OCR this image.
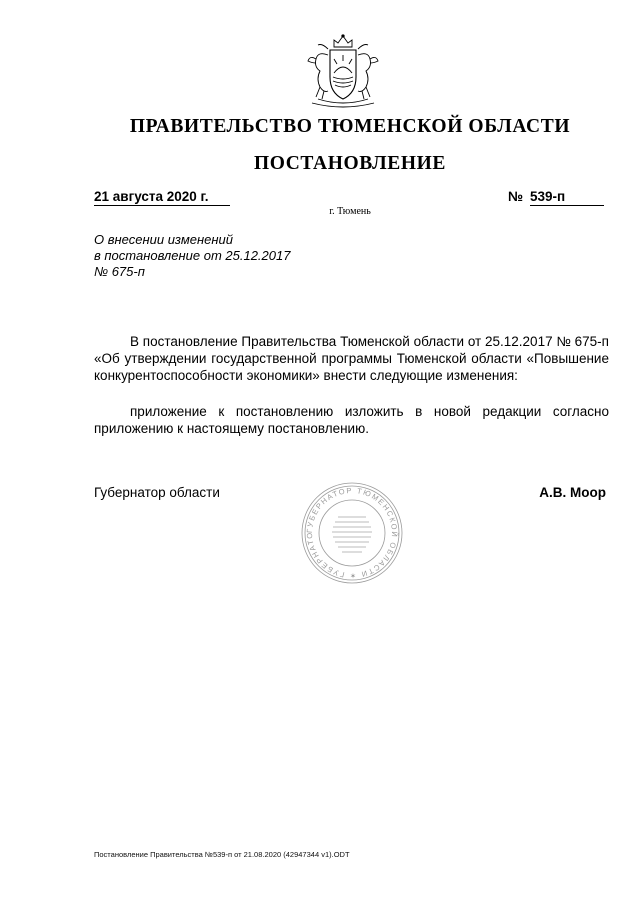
ПРАВИТЕЛЬСТВО ТЮМЕНСКОЙ ОБЛАСТИ
ПОСТАНОВЛЕНИЕ
21 августа 2020 г.	№ 539-п
г. Тюмень
О внесении изменений
в постановление от 25.12.2017
№ 675-п
В постановление Правительства Тюменской области от 25.12.2017 № 675-п «Об утверждении государственной программы Тюменской области «Повышение конкурентоспособности экономики» внести следующие изменения:
приложение к постановлению изложить в новой редакции согласно приложению к настоящему постановлению.
Губернатор области
ГУБЕРНАТОР ТЮМЕНСКОЙ ОБЛАСТИ ✶ ГУБЕРНАТО
А.В. Моор
Постановление Правительства №539-п от 21.08.2020 (42947344 v1).ODT
